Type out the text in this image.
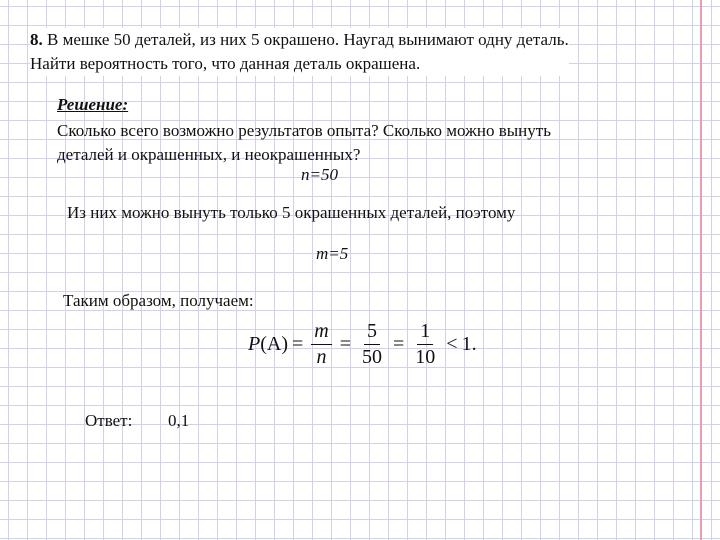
8. В мешке 50 деталей, из них 5 окрашено. Наугад вынимают одну деталь.
Найти вероятность того, что данная деталь окрашена.
Решение:
Сколько всего возможно результатов опыта? Сколько можно вынуть
деталей и окрашенных, и неокрашенных?
n=50
Из них можно вынуть только 5 окрашенных деталей, поэтому
m=5
Таким образом, получаем:
P $(A) = \frac{m}{n} = \frac{5}{50} = \frac{1}{10} < 1$.
Ответ: 0,1
